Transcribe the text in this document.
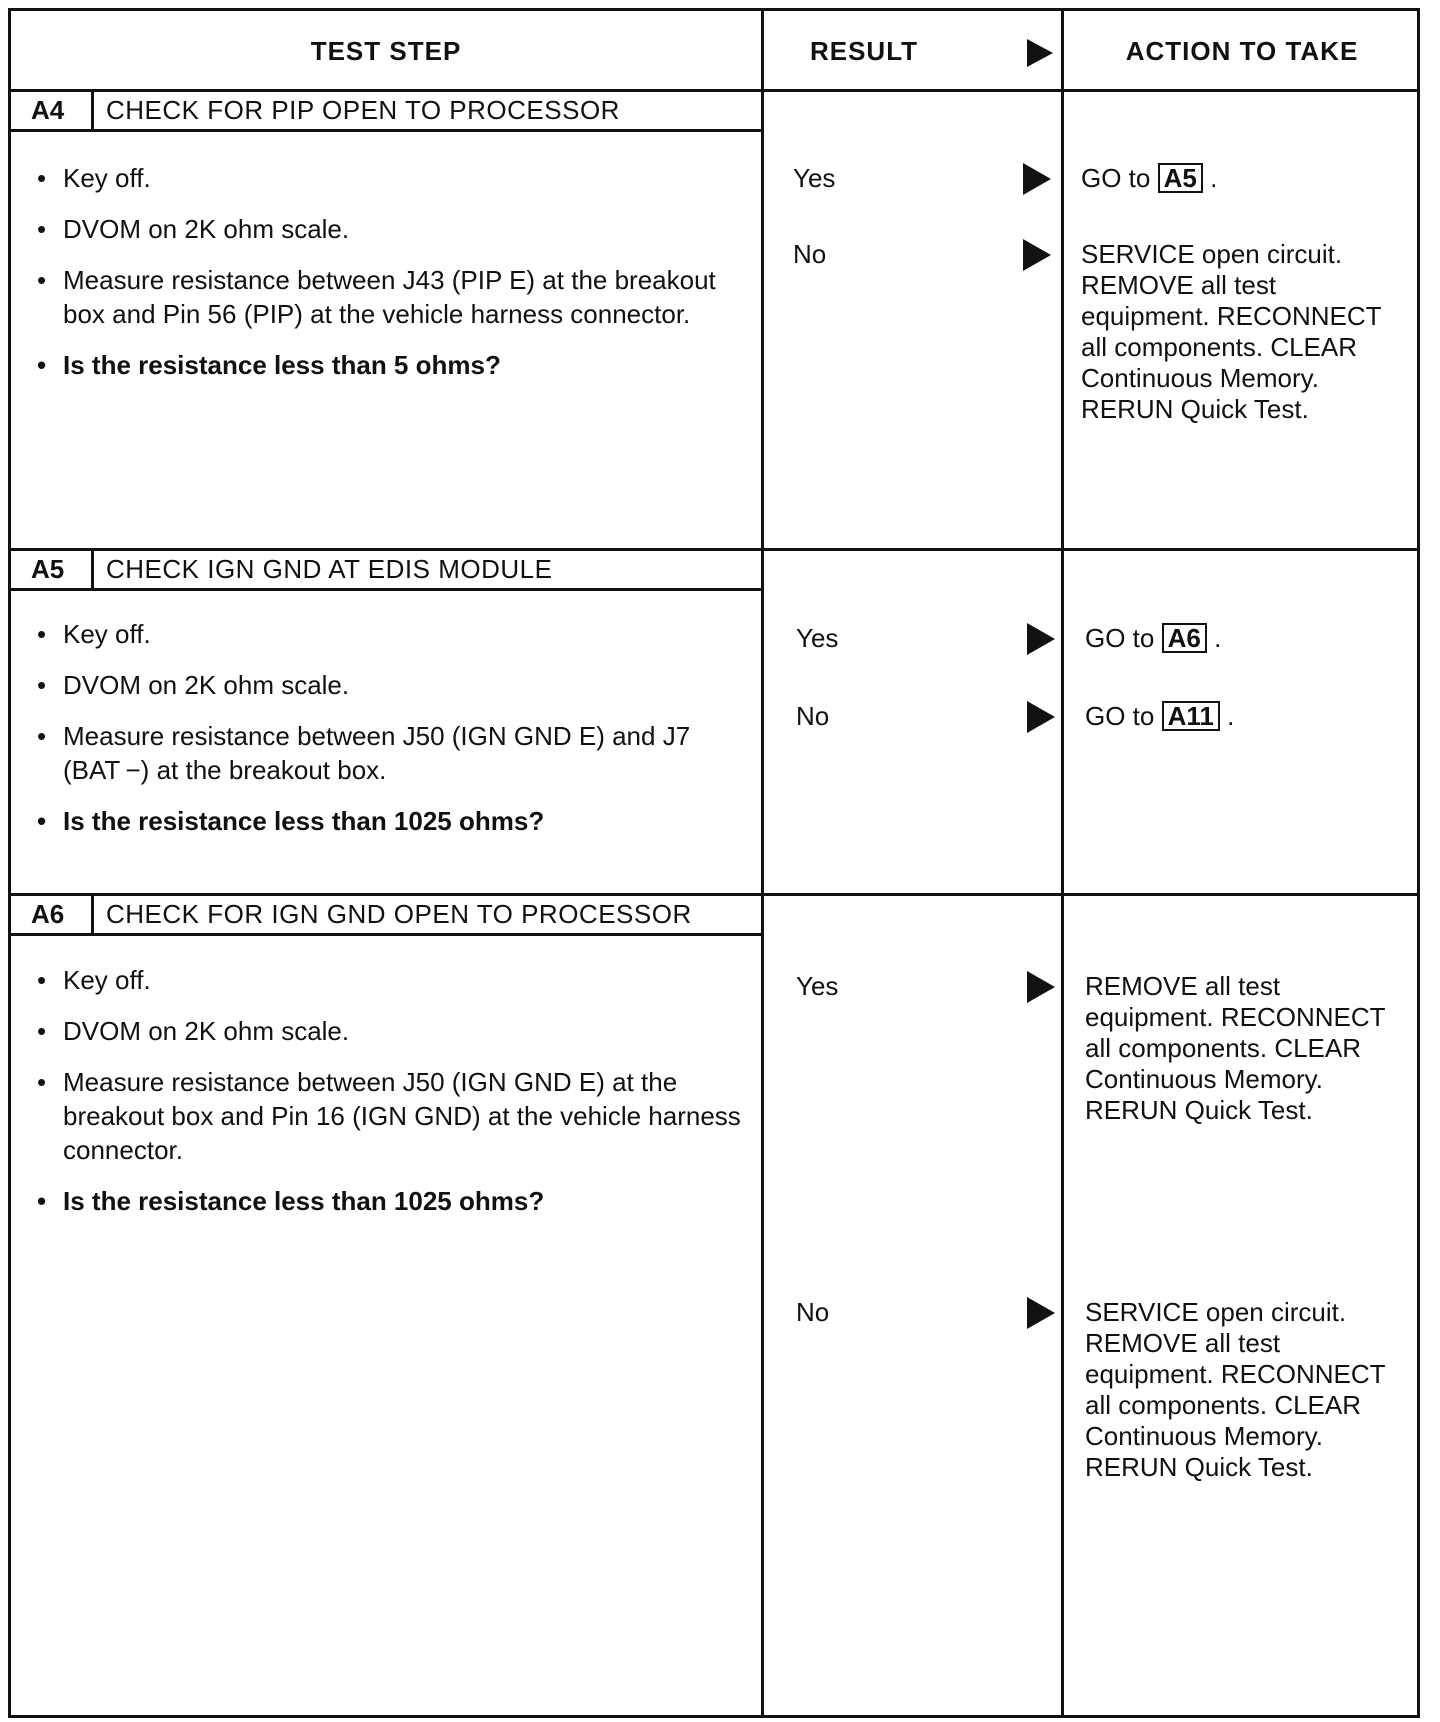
TEST STEP	RESULT	ACTION TO TAKE
A4	CHECK FOR PIP OPEN TO PROCESSOR
• Key off.
• DVOM on 2K ohm scale.
• Measure resistance between J43 (PIP E) at the breakout box and Pin 56 (PIP) at the vehicle harness connector.
• Is the resistance less than 5 ohms?
Yes	GO to A5 .
No	SERVICE open circuit. REMOVE all test equipment. RECONNECT all components. CLEAR Continuous Memory. RERUN Quick Test.
A5	CHECK IGN GND AT EDIS MODULE
• Key off.
• DVOM on 2K ohm scale.
• Measure resistance between J50 (IGN GND E) and J7 (BAT −) at the breakout box.
• Is the resistance less than 1025 ohms?
Yes	GO to A6 .
No	GO to A11 .
A6	CHECK FOR IGN GND OPEN TO PROCESSOR
• Key off.
• DVOM on 2K ohm scale.
• Measure resistance between J50 (IGN GND E) at the breakout box and Pin 16 (IGN GND) at the vehicle harness connector.
• Is the resistance less than 1025 ohms?
Yes	REMOVE all test equipment. RECONNECT all components. CLEAR Continuous Memory. RERUN Quick Test.
No	SERVICE open circuit. REMOVE all test equipment. RECONNECT all components. CLEAR Continuous Memory. RERUN Quick Test.
